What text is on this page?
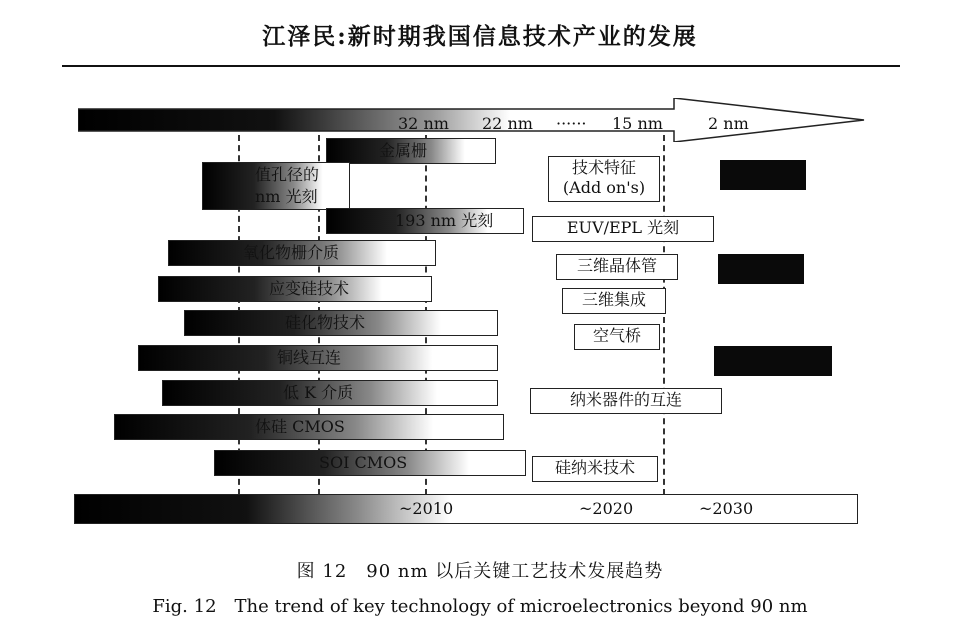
江泽民:新时期我国信息技术产业的发展
32 nm 22 nm ······ 15 nm	2 nm
金属栅
值孔径的
nm 光刻
193 nm 光刻
氧化物栅介质
应变硅技术
硅化物技术
铜线互连
低 K 介质
体硅 CMOS
SOI CMOS
技术特征
(Add on's)
EUV/EPL 光刻
三维晶体管
三维集成
空气桥
纳米器件的互连
硅纳米技术
~2010	~2020	~2030
图 12　90 nm 以后关键工艺技术发展趋势
Fig. 12　The trend of key technology of microelectronics beyond 90 nm
